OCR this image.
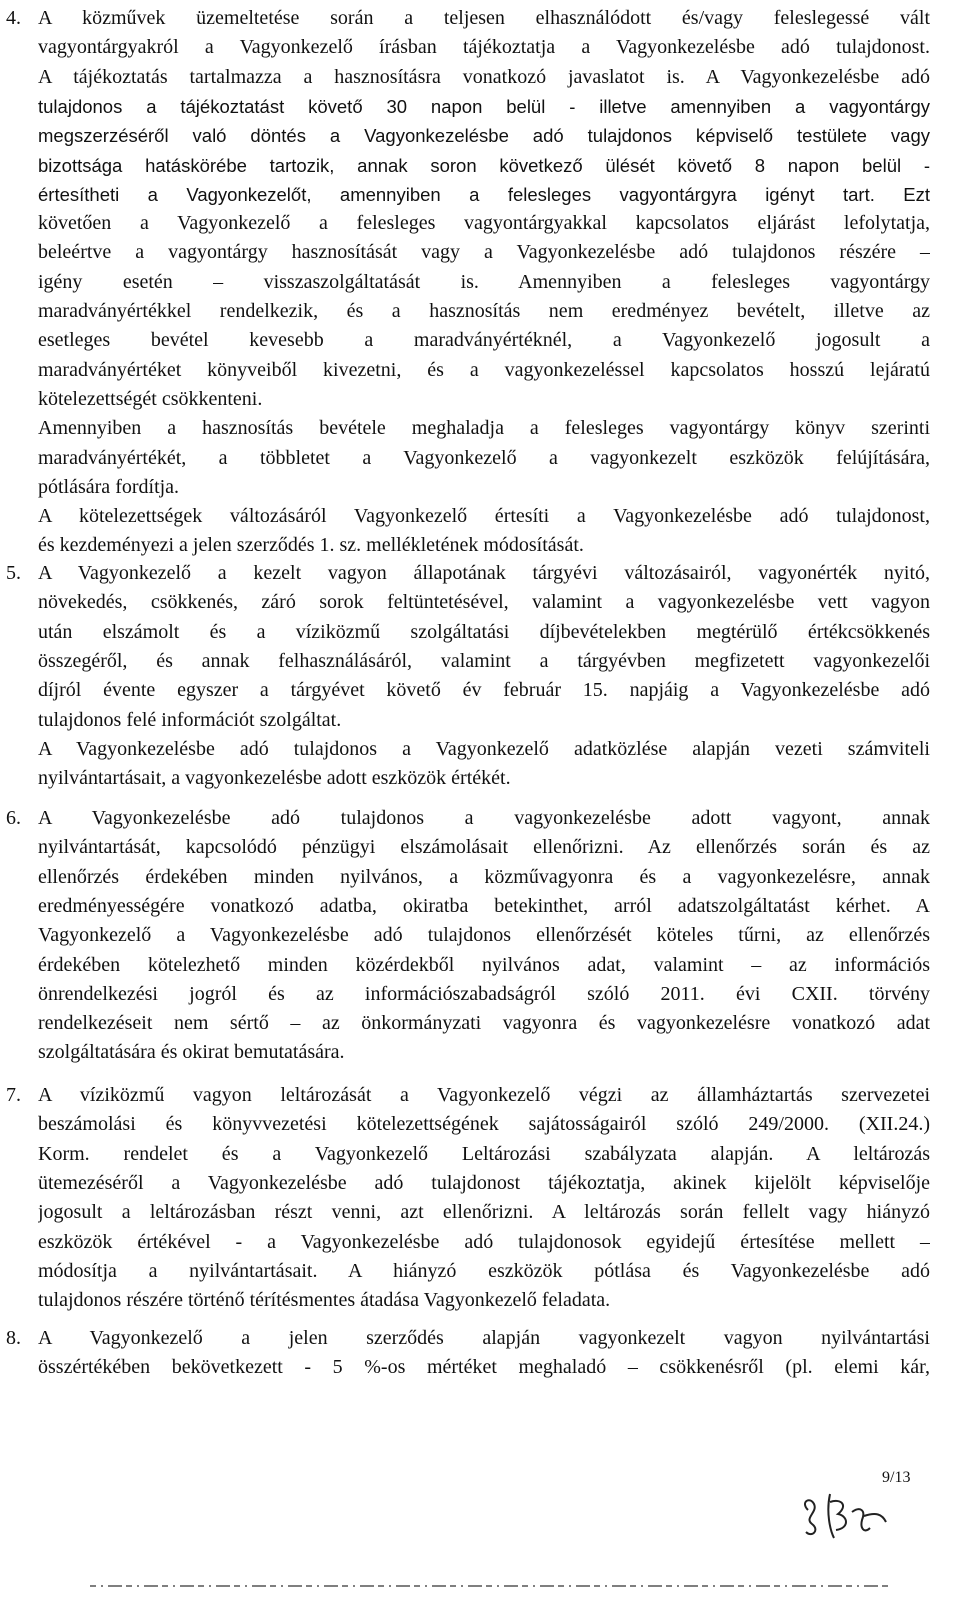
4. A közművek üzemeltetése során a teljesen elhasználódott és/vagy feleslegessé vált
vagyontárgyakról a Vagyonkezelő írásban tájékoztatja a Vagyonkezelésbe adó tulajdonost.
A tájékoztatás tartalmazza a hasznosításra vonatkozó javaslatot is. A Vagyonkezelésbe adó
tulajdonos a tájékoztatást követő 30 napon belül - illetve amennyiben a vagyontárgy
megszerzéséről való döntés a Vagyonkezelésbe adó tulajdonos képviselő testülete vagy
bizottsága hatáskörébe tartozik, annak soron következő ülését követő 8 napon belül -
értesítheti a Vagyonkezelőt, amennyiben a felesleges vagyontárgyra igényt tart. Ezt
követően a Vagyonkezelő a felesleges vagyontárgyakkal kapcsolatos eljárást lefolytatja,
beleértve a vagyontárgy hasznosítását vagy a Vagyonkezelésbe adó tulajdonos részére –
igény esetén – visszaszolgáltatását is. Amennyiben a felesleges vagyontárgy
maradványértékkel rendelkezik, és a hasznosítás nem eredményez bevételt, illetve az
esetleges bevétel kevesebb a maradványértéknél, a Vagyonkezelő jogosult a
maradványértéket könyveiből kivezetni, és a vagyonkezeléssel kapcsolatos hosszú lejáratú
kötelezettségét csökkenteni.
Amennyiben a hasznosítás bevétele meghaladja a felesleges vagyontárgy könyv szerinti
maradványértékét, a többletet a Vagyonkezelő a vagyonkezelt eszközök felújítására,
pótlására fordítja.
A kötelezettségek változásáról Vagyonkezelő értesíti a Vagyonkezelésbe adó tulajdonost,
és kezdeményezi a jelen szerződés 1. sz. mellékletének módosítását.
5. A Vagyonkezelő a kezelt vagyon állapotának tárgyévi változásairól, vagyonérték nyitó,
növekedés, csökkenés, záró sorok feltüntetésével, valamint a vagyonkezelésbe vett vagyon
után elszámolt és a víziközmű szolgáltatási díjbevételekben megtérülő értékcsökkenés
összegéről, és annak felhasználásáról, valamint a tárgyévben megfizetett vagyonkezelői
díjról évente egyszer a tárgyévet követő év február 15. napjáig a Vagyonkezelésbe adó
tulajdonos felé információt szolgáltat.
A Vagyonkezelésbe adó tulajdonos a Vagyonkezelő adatközlése alapján vezeti számviteli
nyilvántartásait, a vagyonkezelésbe adott eszközök értékét.
6. A Vagyonkezelésbe adó tulajdonos a vagyonkezelésbe adott vagyont, annak
nyilvántartását, kapcsolódó pénzügyi elszámolásait ellenőrizni. Az ellenőrzés során és az
ellenőrzés érdekében minden nyilvános, a közművagyonra és a vagyonkezelésre, annak
eredményességére vonatkozó adatba, okiratba betekinthet, arról adatszolgáltatást kérhet. A
Vagyonkezelő a Vagyonkezelésbe adó tulajdonos ellenőrzését köteles tűrni, az ellenőrzés
érdekében kötelezhető minden közérdekből nyilvános adat, valamint – az információs
önrendelkezési jogról és az információszabadságról szóló 2011. évi CXII. törvény
rendelkezéseit nem sértő – az önkormányzati vagyonra és vagyonkezelésre vonatkozó adat
szolgáltatására és okirat bemutatására.
7. A víziközmű vagyon leltározását a Vagyonkezelő végzi az államháztartás szervezetei
beszámolási és könyvvezetési kötelezettségének sajátosságairól szóló 249/2000. (XII.24.)
Korm. rendelet és a Vagyonkezelő Leltározási szabályzata alapján. A leltározás
ütemezéséről a Vagyonkezelésbe adó tulajdonost tájékoztatja, akinek kijelölt képviselője
jogosult a leltározásban részt venni, azt ellenőrizni. A leltározás során fellelt vagy hiányzó
eszközök értékével - a Vagyonkezelésbe adó tulajdonosok egyidejű értesítése mellett –
módosítja a nyilvántartásait. A hiányzó eszközök pótlása és Vagyonkezelésbe adó
tulajdonos részére történő térítésmentes átadása Vagyonkezelő feladata.
8. A Vagyonkezelő a jelen szerződés alapján vagyonkezelt vagyon nyilvántartási
összértékében bekövetkezett - 5 %-os mértéket meghaladó – csökkenésről (pl. elemi kár,
9/13
